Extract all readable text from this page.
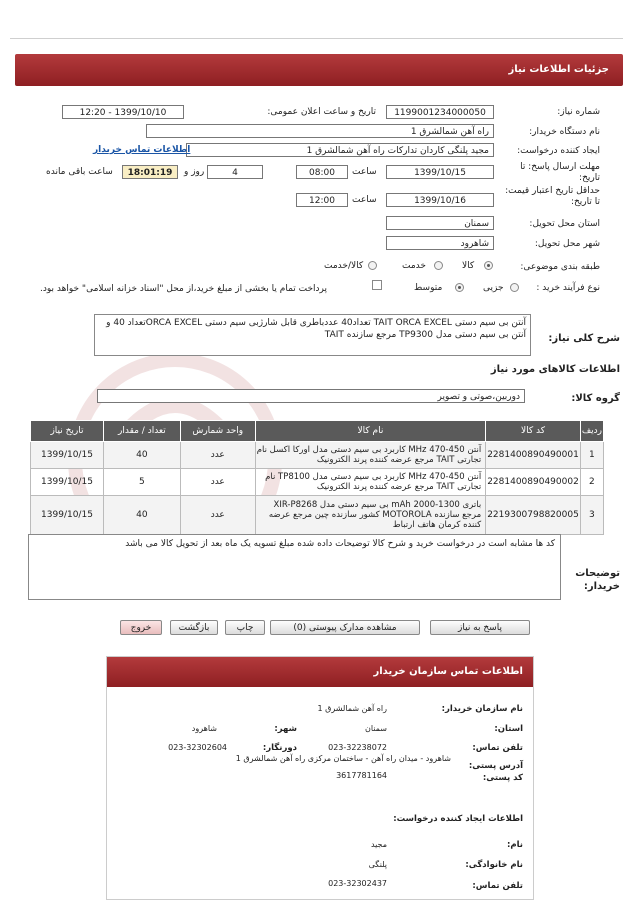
جزئیات اطلاعات نیاز
شماره نیاز:
1199001234000050
تاریخ و ساعت اعلان عمومی:
1399/10/10 - 12:20
نام دستگاه خریدار:
راه آهن شمالشرق 1
ایجاد کننده درخواست:
مجید پلنگی کاردان تدارکات راه آهن شمالشرق 1
اطلاعات تماس خریدار
مهلت ارسال پاسخ: تا تاریخ:
1399/10/15
ساعت
08:00
4
روز و
18:01:19
ساعت باقی مانده
حداقل تاریخ اعتبار قیمت: تا تاریخ:
1399/10/16
ساعت
12:00
استان محل تحویل:
سمنان
شهر محل تحویل:
شاهرود
طبقه بندی موضوعی:
کالا
خدمت
کالا/خدمت
نوع فرآیند خرید :
جزیی
متوسط
پرداخت تمام یا بخشی از مبلغ خرید،از محل "اسناد خزانه اسلامی" خواهد بود.
شرح کلی نیاز:
آنتن بی سیم دستی TAIT ORCA EXCEL تعداد40 عددباطری قابل شارژبی سیم دستی ORCA EXCELتعداد 40 و آنتن بی سیم دستی مدل TP9300 مرجع سازنده TAIT
اطلاعات کالاهای مورد نیاز
گروه کالا:
دوربین،صوتی و تصویر
ردیف	کد کالا	نام کالا	واحد شمارش	تعداد / مقدار	تاریخ نیاز
1	2281400890490001	آنتن MHz 470-450 کاربرد بی سیم دستی مدل اورکا اکسل نام تجارتی TAIT مرجع عرضه کننده پرند الکترونیک	عدد	40	1399/10/15
2	2281400890490002	آنتن MHz 470-450 کاربرد بی سیم دستی مدل TP8100 نام تجارتی TAIT مرجع عرضه کننده پرند الکترونیک	عدد	5	1399/10/15
3	2219300798820005	باتری mAh 2000-1300 بی سیم دستی مدل XIR-P8268 مرجع سازنده MOTOROLA کشور سازنده چین مرجع عرضه کننده کرمان هاتف ارتباط	عدد	40	1399/10/15
توضیحات خریدار:
کد ها مشابه است در درخواست خرید و شرح کالا توضیحات داده شده مبلغ تسویه یک ماه بعد از تحویل کالا می باشد
پاسخ به نیاز
مشاهده مدارک پیوستی (0)
چاپ
بازگشت
خروج
اطلاعات تماس سازمان خریدار
نام سازمان خریدار:
راه آهن شمالشرق 1
استان:
سمنان
شهر:
شاهرود
تلفن تماس:
023-32238072
دورنگار:
023-32302604
آدرس پستی:
شاهرود - میدان راه آهن - ساختمان مرکزی راه آهن شمالشرق 1
کد پستی:
3617781164
اطلاعات ایجاد کننده درخواست:
نام:
مجید
نام خانوادگی:
پلنگی
تلفن تماس:
023-32302437
